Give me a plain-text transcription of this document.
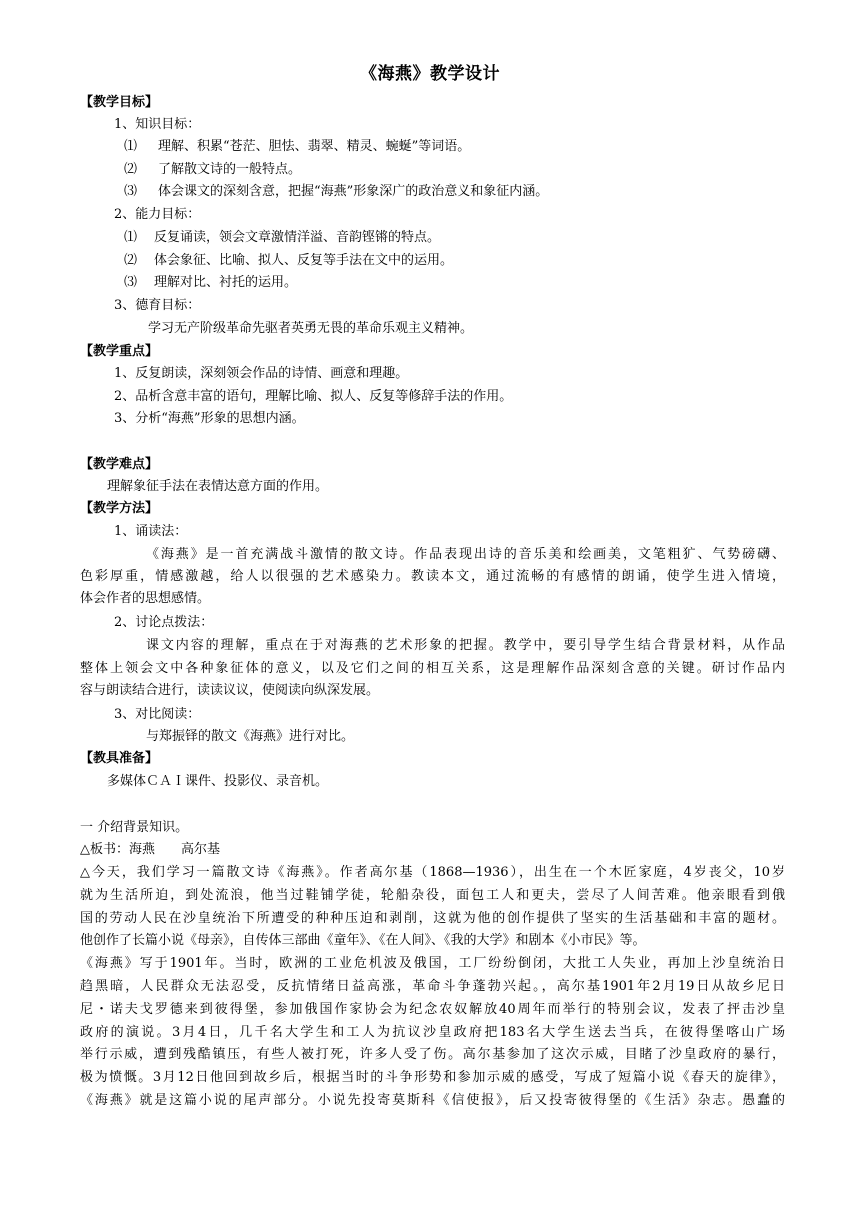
《海燕》教学设计
【教学目标】
1、知识目标：
⑴ 理解、积累“苍茫、胆怯、翡翠、精灵、蜿蜒”等词语。
⑵ 了解散文诗的一般特点。
⑶ 体会课文的深刻含意，把握“海燕”形象深广的政治意义和象征内涵。
2、能力目标：
⑴ 反复诵读，领会文章激情洋溢、音韵铿锵的特点。
⑵ 体会象征、比喻、拟人、反复等手法在文中的运用。
⑶ 理解对比、衬托的运用。
3、德育目标：
学习无产阶级革命先驱者英勇无畏的革命乐观主义精神。
【教学重点】
1、反复朗读，深刻领会作品的诗情、画意和理趣。
2、品析含意丰富的语句，理解比喻、拟人、反复等修辞手法的作用。
3、分析“海燕”形象的思想内涵。
【教学难点】
理解象征手法在表情达意方面的作用。
【教学方法】
1、诵读法：
《海燕》是一首充满战斗激情的散文诗。作品表现出诗的音乐美和绘画美，文笔粗犷、气势磅礴、
色彩厚重，情感激越，给人以很强的艺术感染力。教读本文，通过流畅的有感情的朗诵，使学生进入情境，
体会作者的思想感情。
2、讨论点拨法：
课文内容的理解，重点在于对海燕的艺术形象的把握。教学中，要引导学生结合背景材料，从作品
整体上领会文中各种象征体的意义，以及它们之间的相互关系，这是理解作品深刻含意的关键。研讨作品内
容与朗读结合进行，读读议议，使阅读向纵深发展。
3、对比阅读：
与郑振铎的散文《海燕》进行对比。
【教具准备】
多媒体ＣＡＩ课件、投影仪、录音机。
一 介绍背景知识。
△板书：海燕　　高尔基
△今天，我们学习一篇散文诗《海燕》。作者高尔基（1868—1936），出生在一个木匠家庭，4岁丧父，10岁
就为生活所迫，到处流浪，他当过鞋铺学徒，轮船杂役，面包工人和更夫，尝尽了人间苦难。他亲眼看到俄
国的劳动人民在沙皇统治下所遭受的种种压迫和剥削，这就为他的创作提供了坚实的生活基础和丰富的题材。
他创作了长篇小说《母亲》，自传体三部曲《童年》、《在人间》、《我的大学》和剧本《小市民》等。
《海燕》写于1901年。当时，欧洲的工业危机波及俄国，工厂纷纷倒闭，大批工人失业，再加上沙皇统治日
趋黑暗，人民群众无法忍受，反抗情绪日益高涨，革命斗争蓬勃兴起。，高尔基1901年2月19日从故乡尼日
尼・诺夫戈罗德来到彼得堡，参加俄国作家协会为纪念农奴解放40周年而举行的特别会议，发表了抨击沙皇
政府的演说。3月4日，几千名大学生和工人为抗议沙皇政府把183名大学生送去当兵，在彼得堡喀山广场
举行示威，遭到残酷镇压，有些人被打死，许多人受了伤。高尔基参加了这次示威，目睹了沙皇政府的暴行，
极为愤慨。3月12日他回到故乡后，根据当时的斗争形势和参加示威的感受，写成了短篇小说《春天的旋律》，
《海燕》就是这篇小说的尾声部分。小说先投寄莫斯科《信使报》，后又投寄彼得堡的《生活》杂志。愚蠢的
